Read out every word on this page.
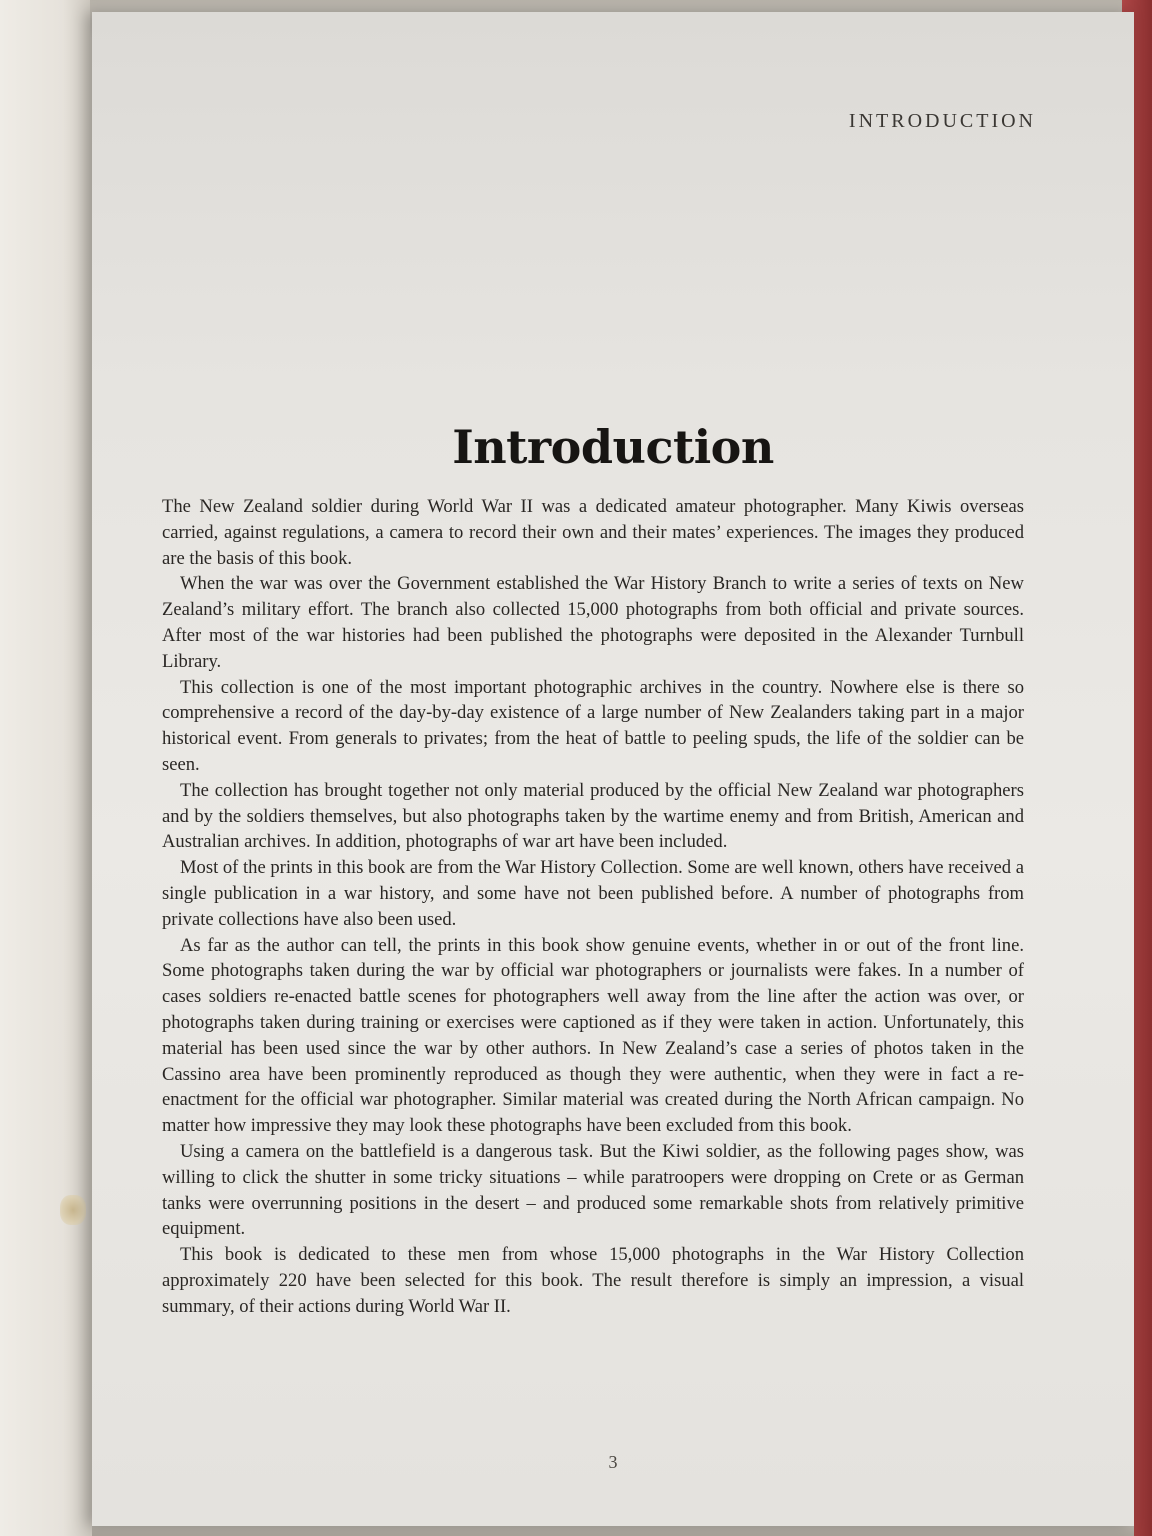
INTRODUCTION
Introduction

The New Zealand soldier during World War II was a dedicated amateur photographer. Many Kiwis overseas carried, against regulations, a camera to record their own and their mates’ experiences. The images they produced are the basis of this book.

When the war was over the Government established the War History Branch to write a series of texts on New Zealand’s military effort. The branch also collected 15,000 photographs from both official and private sources. After most of the war histories had been published the photographs were deposited in the Alexander Turnbull Library.

This collection is one of the most important photographic archives in the country. Nowhere else is there so comprehensive a record of the day-by-day existence of a large number of New Zealanders taking part in a major historical event. From generals to privates; from the heat of battle to peeling spuds, the life of the soldier can be seen.

The collection has brought together not only material produced by the official New Zealand war photographers and by the soldiers themselves, but also photographs taken by the wartime enemy and from British, American and Australian archives. In addition, photographs of war art have been included.

Most of the prints in this book are from the War History Collection. Some are well known, others have received a single publication in a war history, and some have not been published before. A number of photographs from private collections have also been used.

As far as the author can tell, the prints in this book show genuine events, whether in or out of the front line. Some photographs taken during the war by official war photographers or journalists were fakes. In a number of cases soldiers re-enacted battle scenes for photographers well away from the line after the action was over, or photographs taken during training or exercises were captioned as if they were taken in action. Unfortunately, this material has been used since the war by other authors. In New Zealand’s case a series of photos taken in the Cassino area have been prominently reproduced as though they were authentic, when they were in fact a re-enactment for the official war photographer. Similar material was created during the North African campaign. No matter how impressive they may look these photographs have been excluded from this book.

Using a camera on the battlefield is a dangerous task. But the Kiwi soldier, as the following pages show, was willing to click the shutter in some tricky situations – while paratroopers were dropping on Crete or as German tanks were overrunning positions in the desert – and produced some remarkable shots from relatively primitive equipment.

This book is dedicated to these men from whose 15,000 photographs in the War History Collection approximately 220 have been selected for this book. The result therefore is simply an impression, a visual summary, of their actions during World War II.

3
